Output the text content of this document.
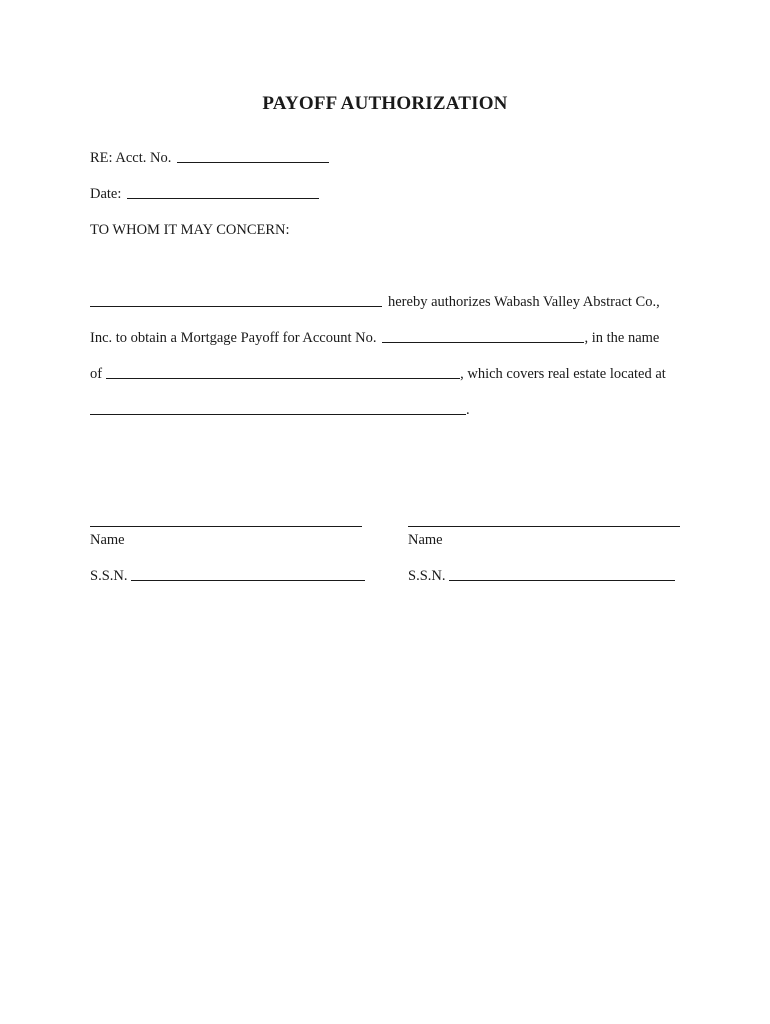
PAYOFF AUTHORIZATION
RE: Acct. No.
Date:
TO WHOM IT MAY CONCERN:
hereby authorizes Wabash Valley Abstract Co.,
Inc. to obtain a Mortgage Payoff for Account No.	, in the name
of	, which covers real estate located at
.
Name
S.S.N.
Name
S.S.N.
